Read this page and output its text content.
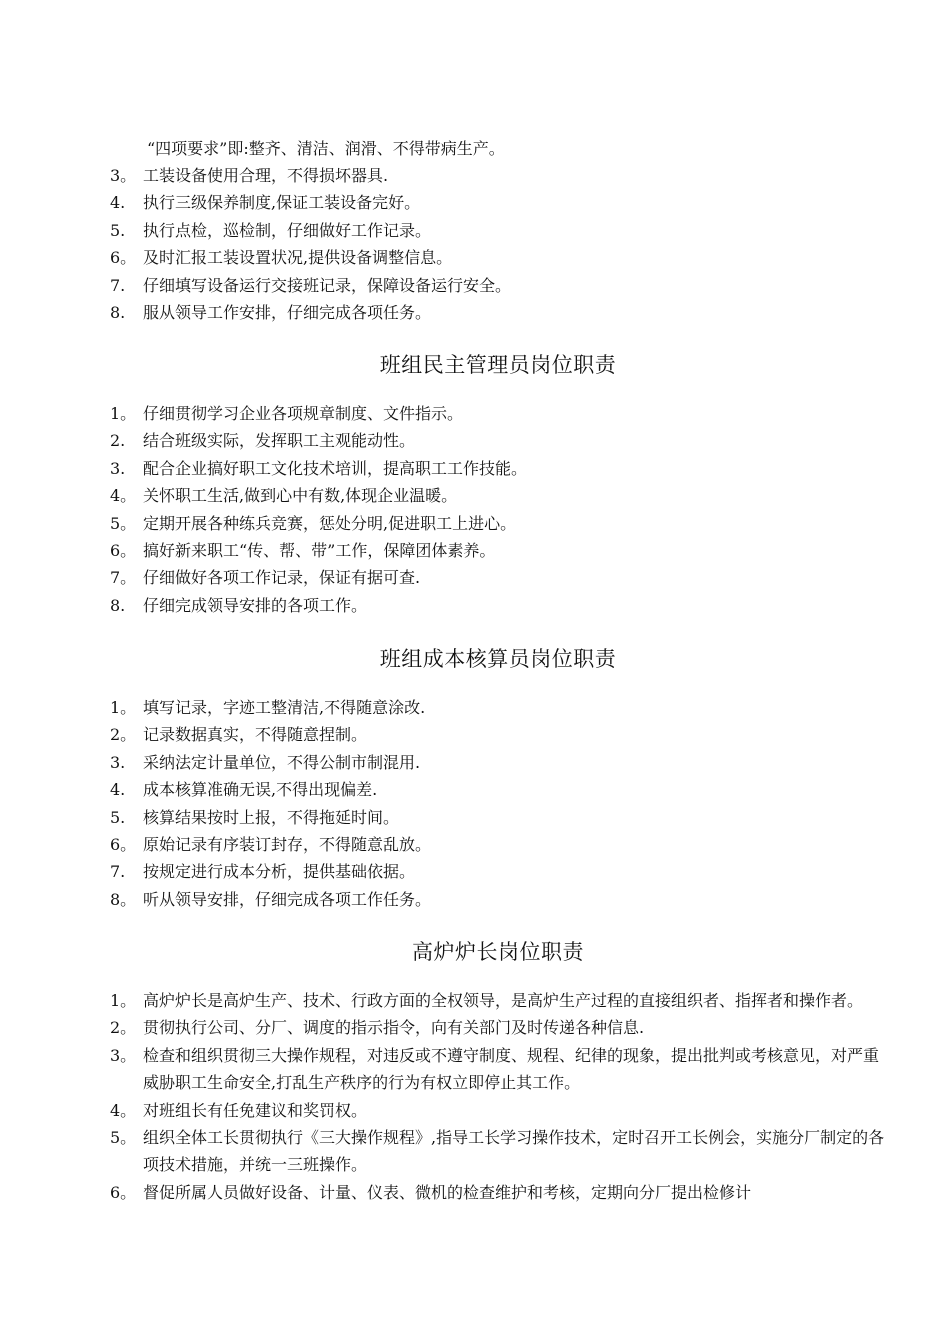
“四项要求”即:整齐、清洁、润滑、不得带病生产。
3。 工装设备使用合理，不得损坏器具.
4.	执行三级保养制度,保证工装设备完好。
5.	执行点检，巡检制，仔细做好工作记录。
6。 及时汇报工装设置状况,提供设备调整信息。
7.	仔细填写设备运行交接班记录，保障设备运行安全。
8.	服从领导工作安排，仔细完成各项任务。
班组民主管理员岗位职责
1。 仔细贯彻学习企业各项规章制度、文件指示。
2.	结合班级实际，发挥职工主观能动性。
3.	配合企业搞好职工文化技术培训，提高职工工作技能。
4。 关怀职工生活,做到心中有数,体现企业温暖。
5。 定期开展各种练兵竞赛，惩处分明,促进职工上进心。
6。 搞好新来职工“传、帮、带”工作，保障团体素养。
7。 仔细做好各项工作记录，保证有据可查.
8.	仔细完成领导安排的各项工作。
班组成本核算员岗位职责
1。 填写记录，字迹工整清洁,不得随意涂改.
2。 记录数据真实，不得随意捏制。
3.	采纳法定计量单位，不得公制市制混用.
4.	成本核算准确无误,不得出现偏差.
5.	核算结果按时上报，不得拖延时间。
6。 原始记录有序装订封存，不得随意乱放。
7.	按规定进行成本分析，提供基础依据。
8。 听从领导安排，仔细完成各项工作任务。
高炉炉长岗位职责
1。 高炉炉长是高炉生产、技术、行政方面的全权领导，是高炉生产过程的直接组织者、指挥者和操作者。
2。 贯彻执行公司、分厂、调度的指示指令，向有关部门及时传递各种信息.
3。 检查和组织贯彻三大操作规程，对违反或不遵守制度、规程、纪律的现象，提出批判或考核意见，对严重威胁职工生命安全,打乱生产秩序的行为有权立即停止其工作。
4。 对班组长有任免建议和奖罚权。
5。 组织全体工长贯彻执行《三大操作规程》,指导工长学习操作技术，定时召开工长例会，实施分厂制定的各项技术措施，并统一三班操作。
6。 督促所属人员做好设备、计量、仪表、微机的检查维护和考核，定期向分厂提出检修计
